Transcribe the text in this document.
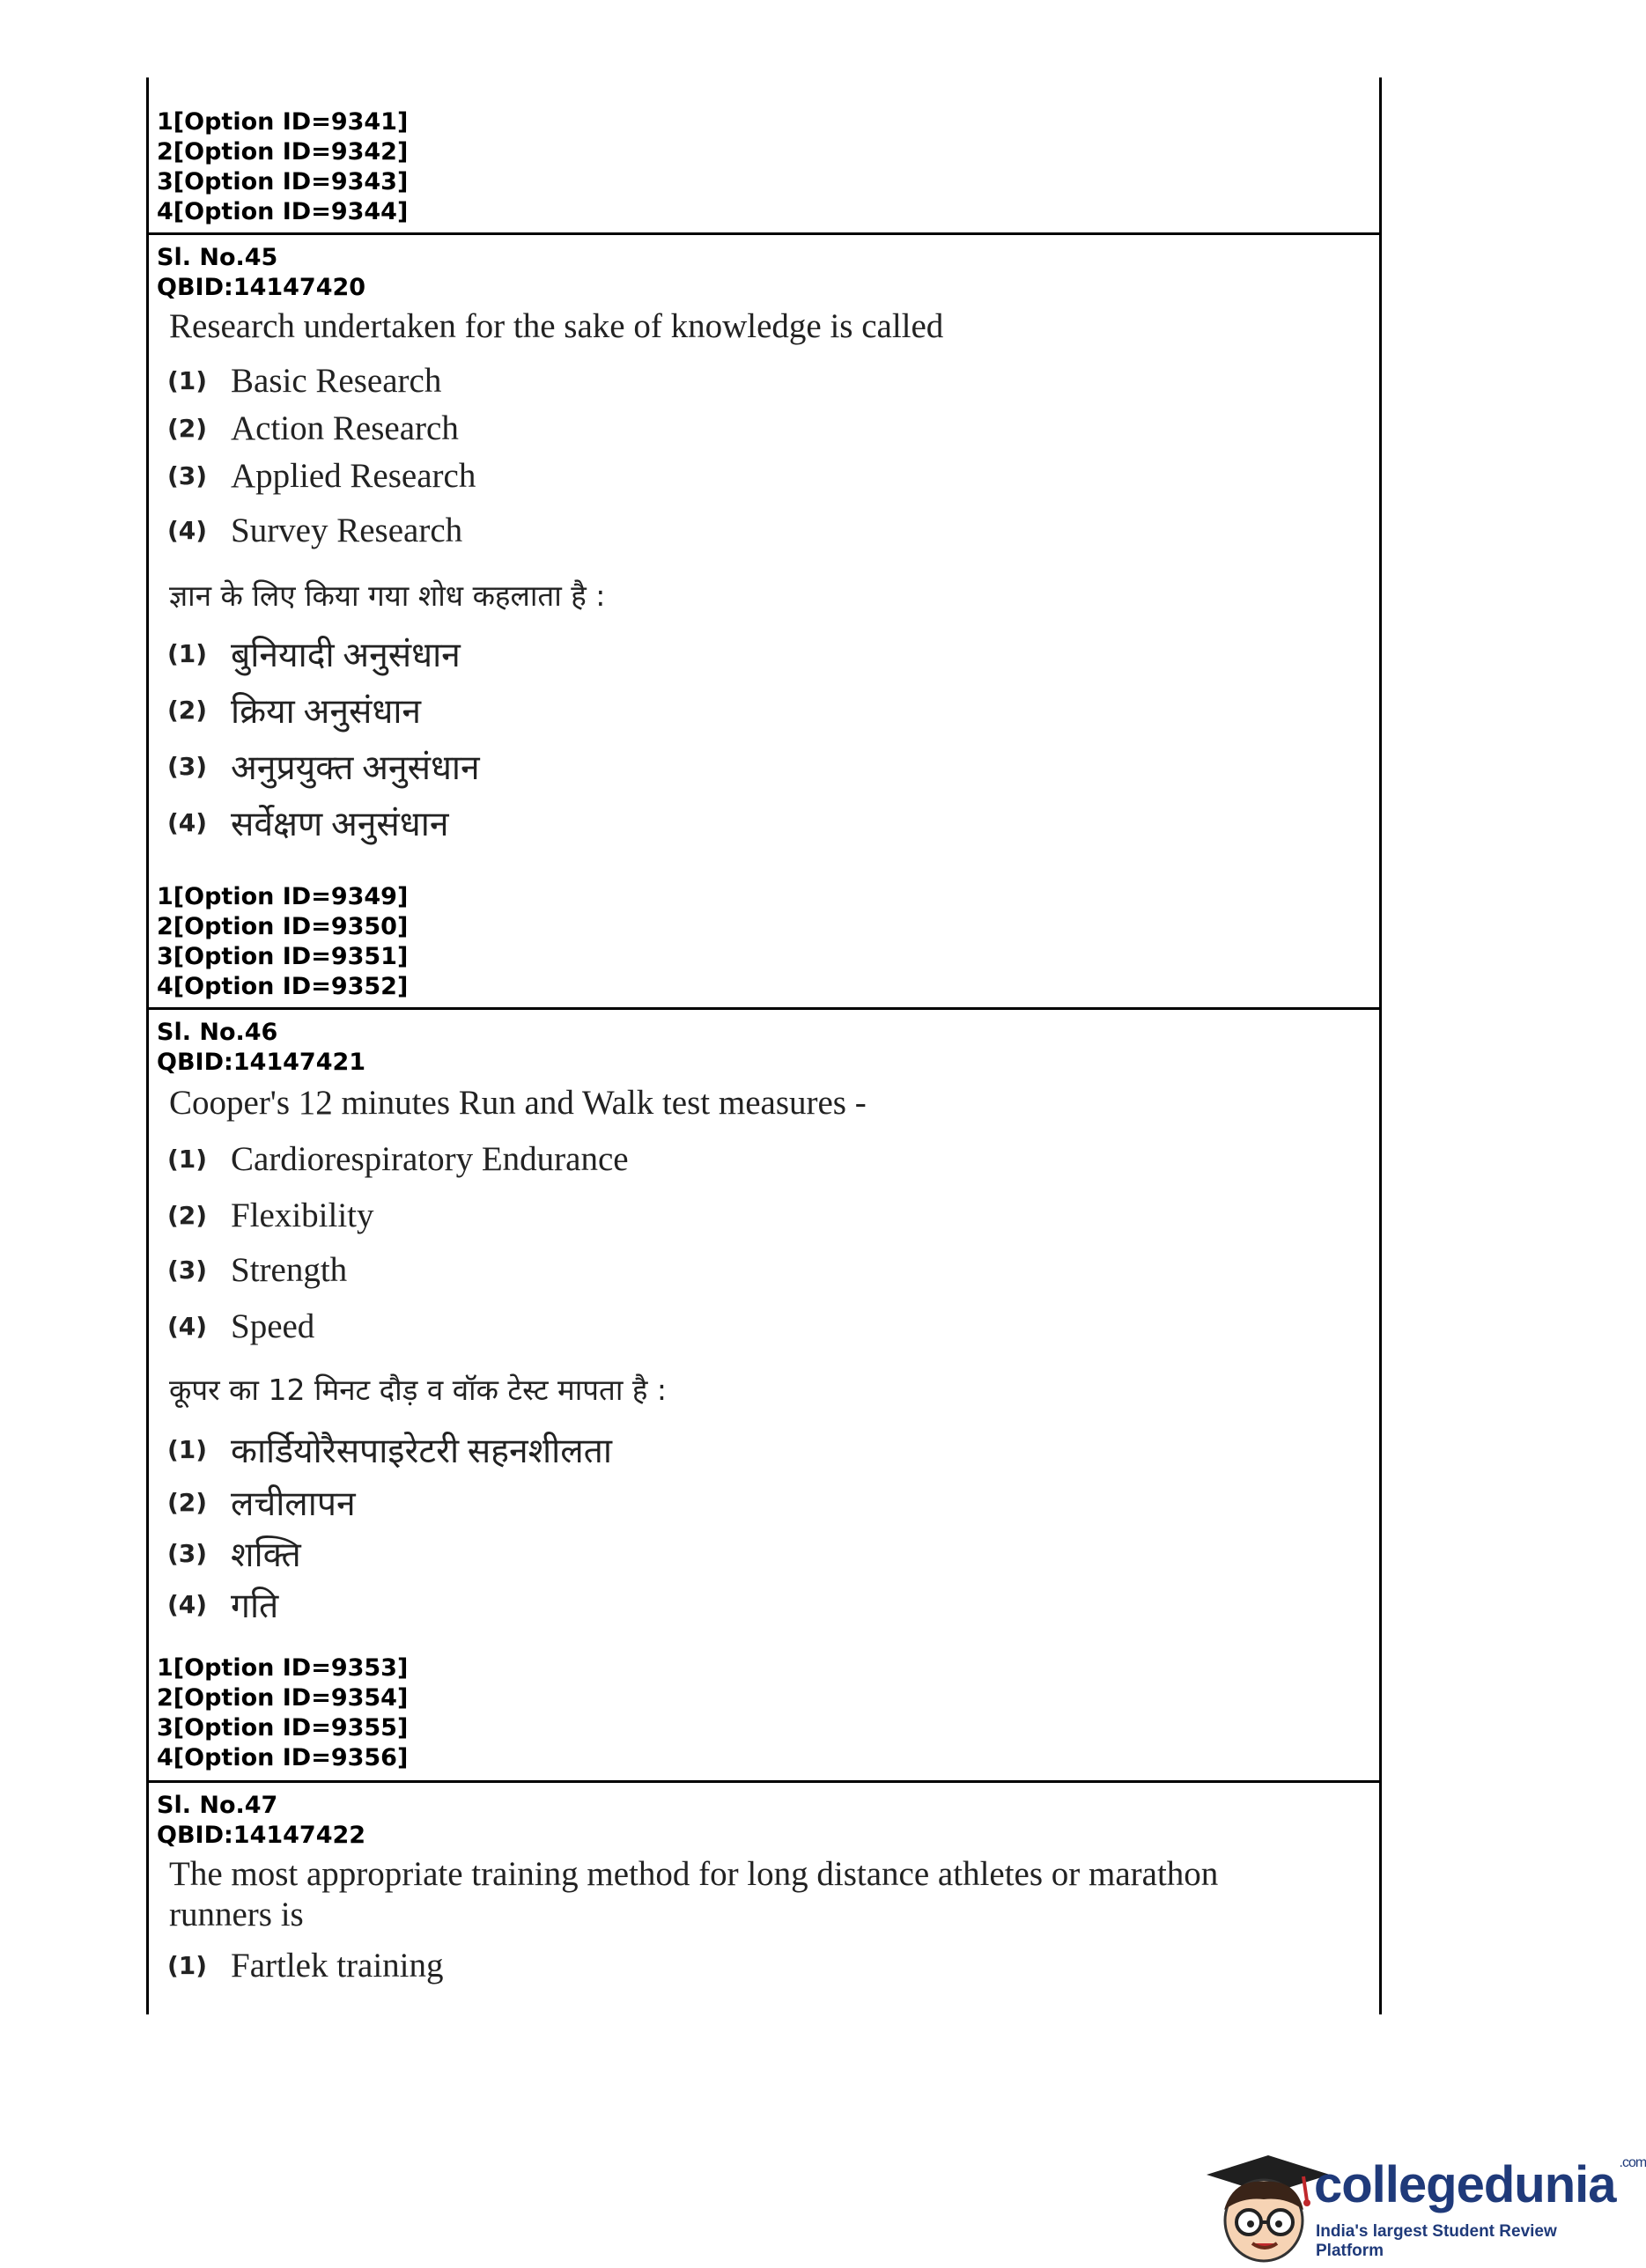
1[Option ID=9341]
2[Option ID=9342]
3[Option ID=9343]
4[Option ID=9344]
Sl. No.45
QBID:14147420
Research undertaken for the sake of knowledge is called
(1) Basic Research
(2) Action Research
(3) Applied Research
(4) Survey Research
ज्ञान के लिए किया गया शोध कहलाता है :
(1) बुनियादी अनुसंधान
(2) क्रिया अनुसंधान
(3) अनुप्रयुक्त अनुसंधान
(4) सर्वेक्षण अनुसंधान
1[Option ID=9349]
2[Option ID=9350]
3[Option ID=9351]
4[Option ID=9352]
Sl. No.46
QBID:14147421
Cooper's 12 minutes Run and Walk test measures -
(1) Cardiorespiratory Endurance
(2) Flexibility
(3) Strength
(4) Speed
कूपर का 12 मिनट दौड़ व वॉक टेस्ट मापता है :
(1) कार्डियोरैसपाइरेटरी सहनशीलता
(2) लचीलापन
(3) शक्ति
(4) गति
1[Option ID=9353]
2[Option ID=9354]
3[Option ID=9355]
4[Option ID=9356]
Sl. No.47
QBID:14147422
The most appropriate training method for long distance athletes or marathon runners is
(1) Fartlek training
collegedunia $^{.com}$
India's largest Student Review Platform
